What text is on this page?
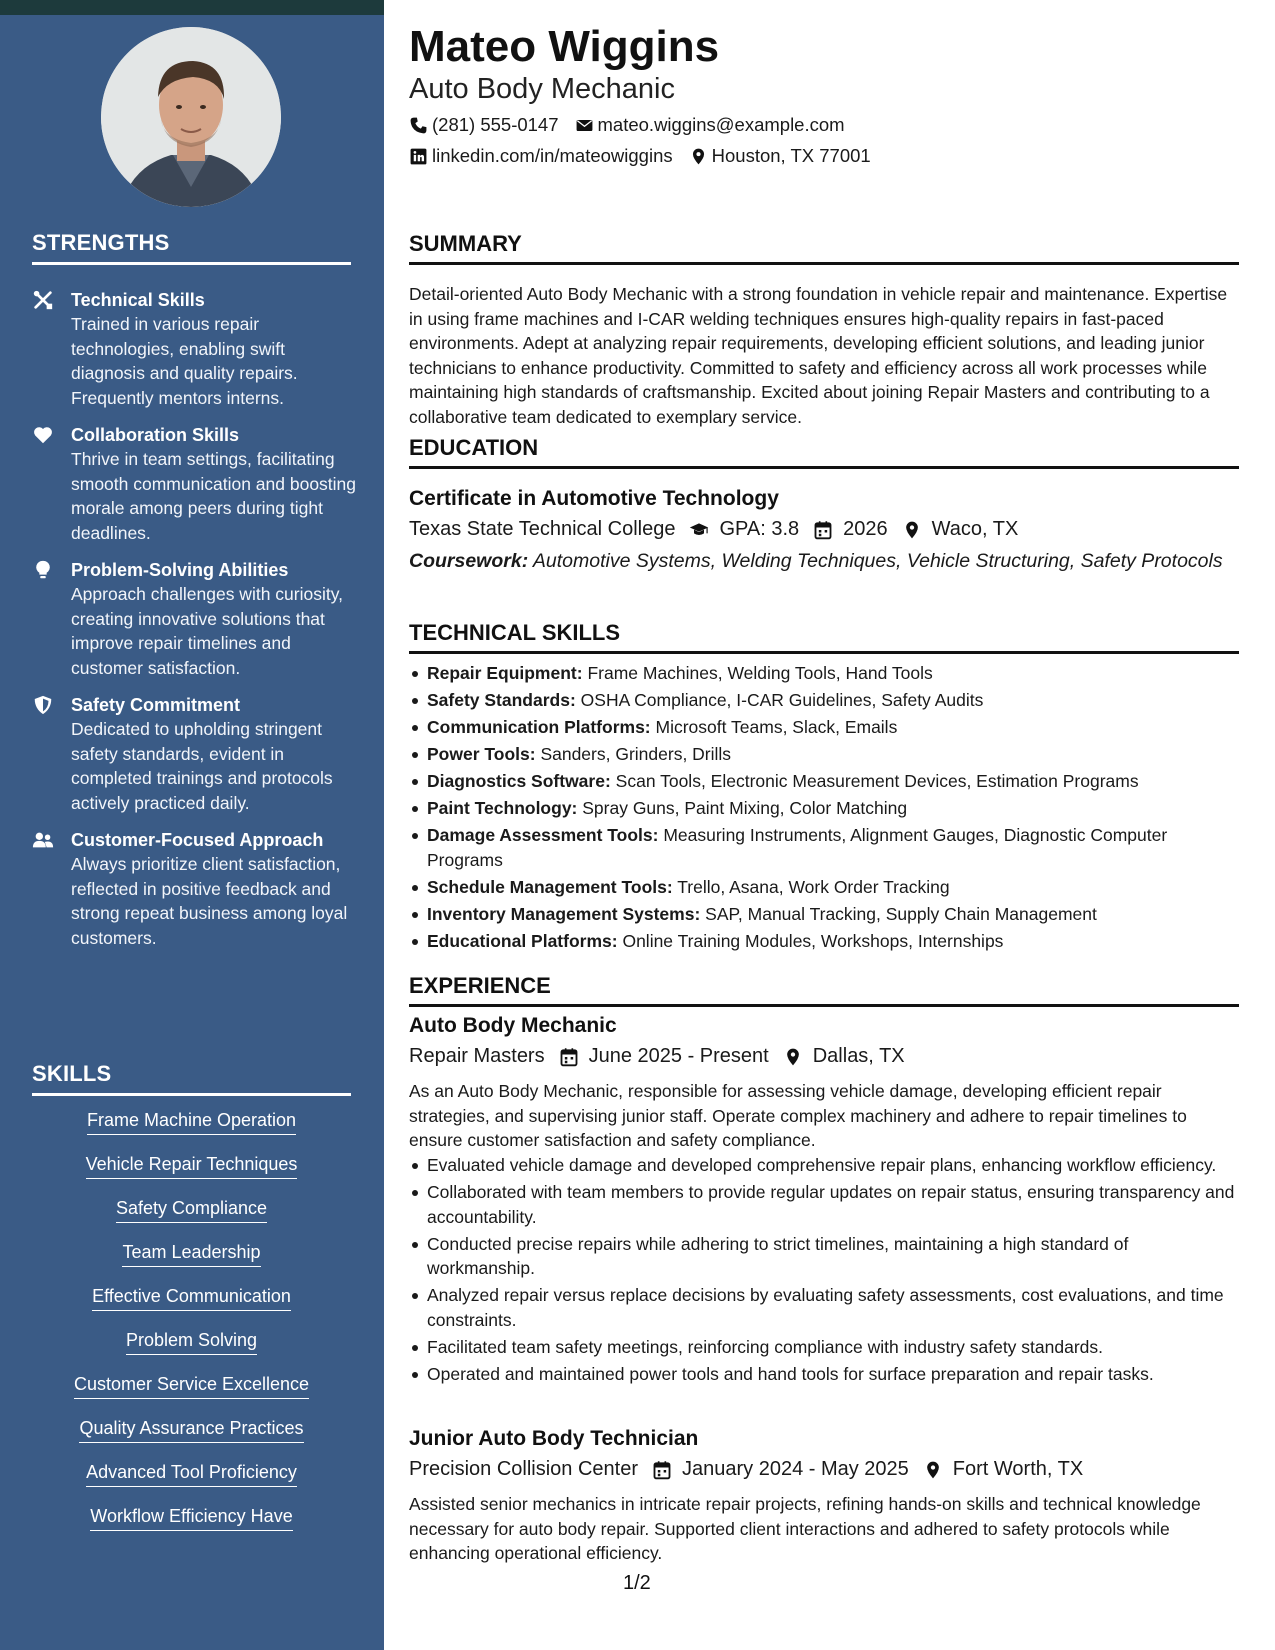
STRENGTHS
Technical Skills
Trained in various repair technologies, enabling swift diagnosis and quality repairs. Frequently mentors interns.
Collaboration Skills
Thrive in team settings, facilitating smooth communication and boosting morale among peers during tight deadlines.
Problem-Solving Abilities
Approach challenges with curiosity, creating innovative solutions that improve repair timelines and customer satisfaction.
Safety Commitment
Dedicated to upholding stringent safety standards, evident in completed trainings and protocols actively practiced daily.
Customer-Focused Approach
Always prioritize client satisfaction, reflected in positive feedback and strong repeat business among loyal customers.
SKILLS
Frame Machine Operation
Vehicle Repair Techniques
Safety Compliance
Team Leadership
Effective Communication
Problem Solving
Customer Service Excellence
Quality Assurance Practices
Advanced Tool Proficiency
Workflow Efficiency Have
Mateo Wiggins
Auto Body Mechanic
(281) 555-0147 mateo.wiggins@example.com
linkedin.com/in/mateowiggins Houston, TX 77001
SUMMARY
Detail-oriented Auto Body Mechanic with a strong foundation in vehicle repair and maintenance. Expertise in using frame machines and I-CAR welding techniques ensures high-quality repairs in fast-paced environments. Adept at analyzing repair requirements, developing efficient solutions, and leading junior technicians to enhance productivity. Committed to safety and efficiency across all work processes while maintaining high standards of craftsmanship. Excited about joining Repair Masters and contributing to a collaborative team dedicated to exemplary service.
EDUCATION
Certificate in Automotive Technology
Texas State Technical College GPA: 3.8 2026 Waco, TX
Coursework: Automotive Systems, Welding Techniques, Vehicle Structuring, Safety Protocols
TECHNICAL SKILLS
Repair Equipment: Frame Machines, Welding Tools, Hand Tools
Safety Standards: OSHA Compliance, I-CAR Guidelines, Safety Audits
Communication Platforms: Microsoft Teams, Slack, Emails
Power Tools: Sanders, Grinders, Drills
Diagnostics Software: Scan Tools, Electronic Measurement Devices, Estimation Programs
Paint Technology: Spray Guns, Paint Mixing, Color Matching
Damage Assessment Tools: Measuring Instruments, Alignment Gauges, Diagnostic Computer Programs
Schedule Management Tools: Trello, Asana, Work Order Tracking
Inventory Management Systems: SAP, Manual Tracking, Supply Chain Management
Educational Platforms: Online Training Modules, Workshops, Internships
EXPERIENCE
Auto Body Mechanic
Repair Masters June 2025 - Present Dallas, TX
As an Auto Body Mechanic, responsible for assessing vehicle damage, developing efficient repair strategies, and supervising junior staff. Operate complex machinery and adhere to repair timelines to ensure customer satisfaction and safety compliance.
Evaluated vehicle damage and developed comprehensive repair plans, enhancing workflow efficiency.
Collaborated with team members to provide regular updates on repair status, ensuring transparency and accountability.
Conducted precise repairs while adhering to strict timelines, maintaining a high standard of workmanship.
Analyzed repair versus replace decisions by evaluating safety assessments, cost evaluations, and time constraints.
Facilitated team safety meetings, reinforcing compliance with industry safety standards.
Operated and maintained power tools and hand tools for surface preparation and repair tasks.
Junior Auto Body Technician
Precision Collision Center January 2024 - May 2025 Fort Worth, TX
Assisted senior mechanics in intricate repair projects, refining hands-on skills and technical knowledge necessary for auto body repair. Supported client interactions and adhered to safety protocols while enhancing operational efficiency.
1/2
